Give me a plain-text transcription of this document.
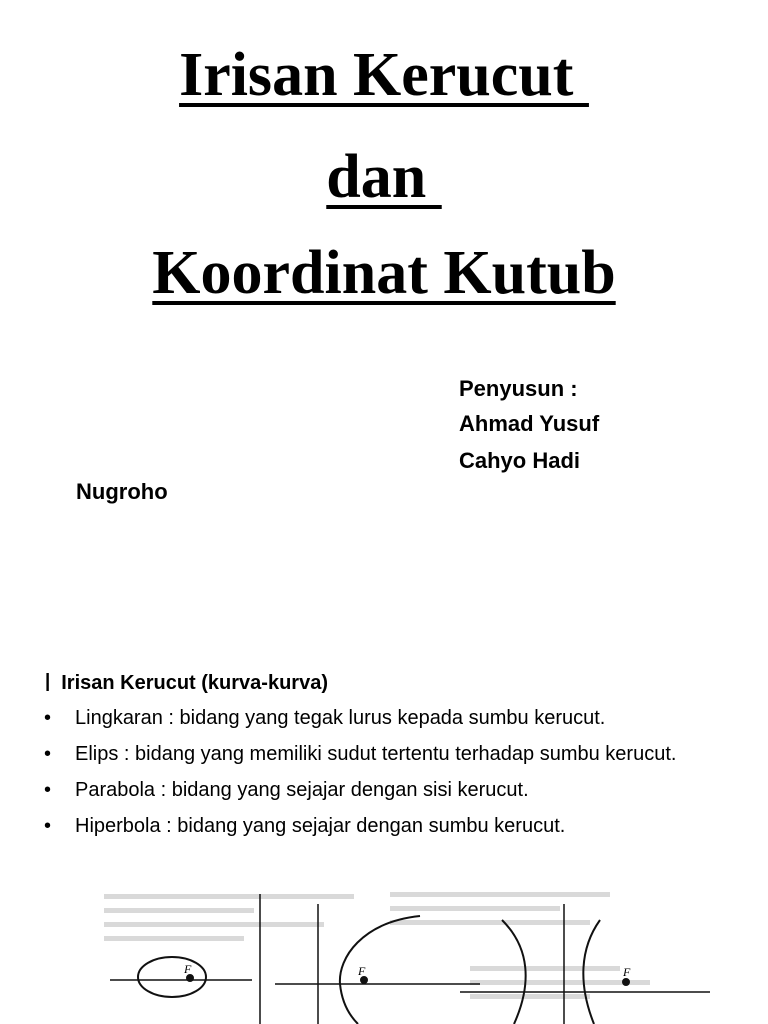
Irisan Kerucut
dan
Koordinat Kutub

Penyusun :

Ahmad Yusuf

Cahyo Hadi

Nugroho

I Irisan Kerucut (kurva-kurva)
• Lingkaran : bidang yang tegak lurus kepada sumbu kerucut.
• Elips : bidang yang memiliki sudut tertentu terhadap sumbu kerucut.
• Parabola : bidang yang sejajar dengan sisi kerucut.
• Hiperbola : bidang yang sejajar dengan sumbu kerucut.
F	F	F
